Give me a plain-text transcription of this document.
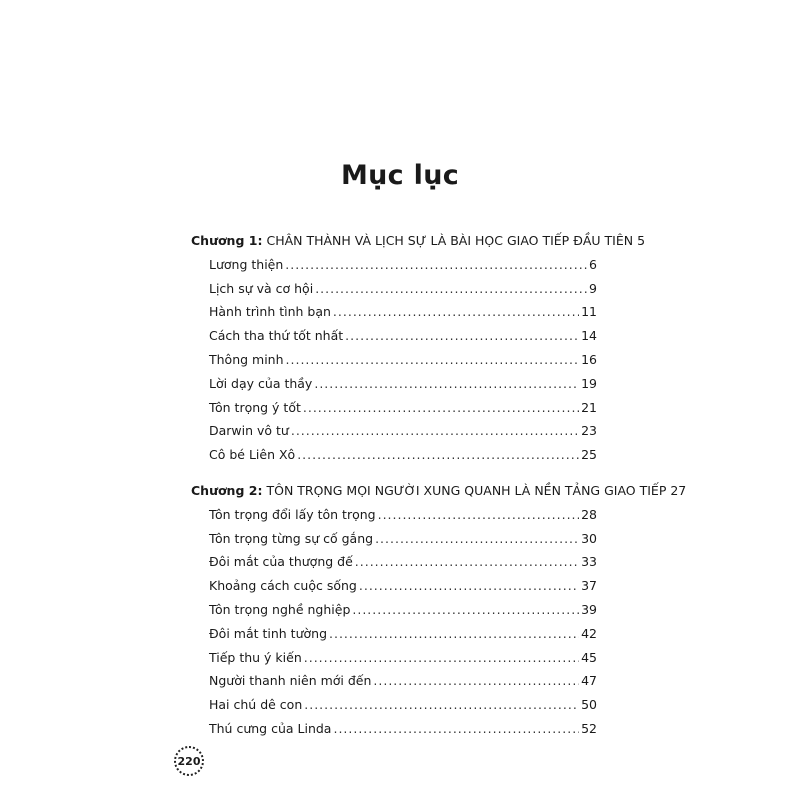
Mục lục
Chương 1: CHÂN THÀNH VÀ LỊCH SỰ LÀ BÀI HỌC GIAO TIẾP ĐẦU TIÊN 5
Lương thiện .....	6
Lịch sự và cơ hội .....	9
Hành trình tình bạn .....	11
Cách tha thứ tốt nhất .....	14
Thông minh .....	16
Lời dạy của thầy .....	19
Tôn trọng ý tốt .....	21
Darwin vô tư .....	23
Cô bé Liên Xô .....	25
Chương 2: TÔN TRỌNG MỌI NGƯỜI XUNG QUANH LÀ NỀN TẢNG GIAO TIẾP 27
Tôn trọng đổi lấy tôn trọng .....	28
Tôn trọng từng sự cố gắng .....	30
Đôi mắt của thượng đế .....	33
Khoảng cách cuộc sống .....	37
Tôn trọng nghề nghiệp .....	39
Đôi mắt tinh tường .....	42
Tiếp thu ý kiến .....	45
Người thanh niên mới đến .....	47
Hai chú dê con .....	50
Thú cưng của Linda .....	52
220
